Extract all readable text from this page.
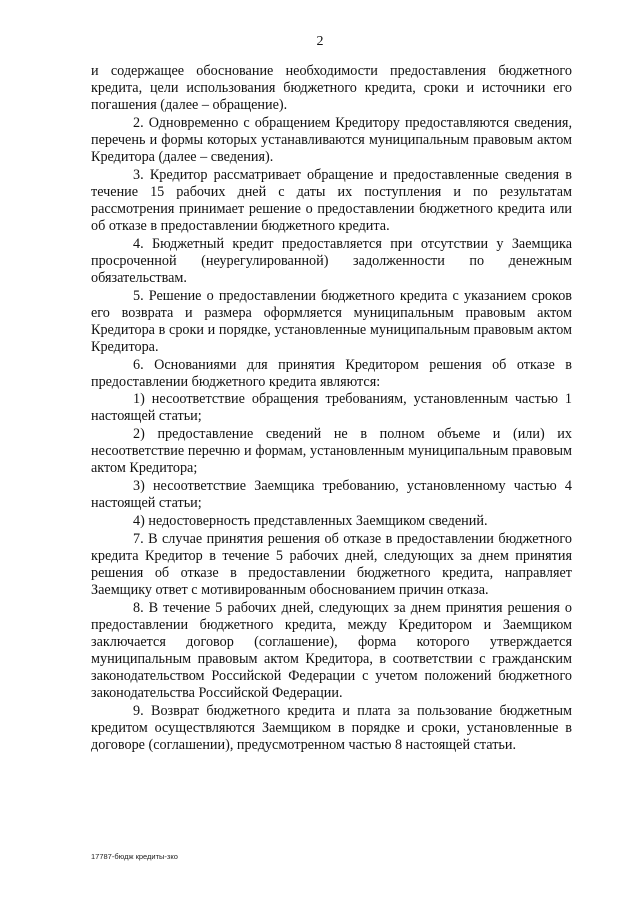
2

и содержащее обоснование необходимости предоставления бюджетного кредита, цели использования бюджетного кредита, сроки и источники его погашения (далее – обращение).

2. Одновременно с обращением Кредитору предоставляются сведения, перечень и формы которых устанавливаются муниципальным правовым актом Кредитора (далее – сведения).

3. Кредитор рассматривает обращение и предоставленные сведения в течение 15 рабочих дней с даты их поступления и по результатам рассмотрения принимает решение о предоставлении бюджетного кредита или об отказе в предоставлении бюджетного кредита.

4. Бюджетный кредит предоставляется при отсутствии у Заемщика просроченной (неурегулированной) задолженности по денежным обязательствам.

5. Решение о предоставлении бюджетного кредита с указанием сроков его возврата и размера оформляется муниципальным правовым актом Кредитора в сроки и порядке, установленные муниципальным правовым актом Кредитора.

6. Основаниями для принятия Кредитором решения об отказе в предоставлении бюджетного кредита являются:

1) несоответствие обращения требованиям, установленным частью 1 настоящей статьи;

2) предоставление сведений не в полном объеме и (или) их несоответствие перечню и формам, установленным муниципальным правовым актом Кредитора;

3) несоответствие Заемщика требованию, установленному частью 4 настоящей статьи;

4) недостоверность представленных Заемщиком сведений.

7. В случае принятия решения об отказе в предоставлении бюджетного кредита Кредитор в течение 5 рабочих дней, следующих за днем принятия решения об отказе в предоставлении бюджетного кредита, направляет Заемщику ответ с мотивированным обоснованием причин отказа.

8. В течение 5 рабочих дней, следующих за днем принятия решения о предоставлении бюджетного кредита, между Кредитором и Заемщиком заключается договор (соглашение), форма которого утверждается муниципальным правовым актом Кредитора, в соответствии с гражданским законодательством Российской Федерации с учетом положений бюджетного законодательства Российской Федерации.

9. Возврат бюджетного кредита и плата за пользование бюджетным кредитом осуществляются Заемщиком в порядке и сроки, установленные в договоре (соглашении), предусмотренном частью 8 настоящей статьи.

17787-бюдж кредиты-зко
